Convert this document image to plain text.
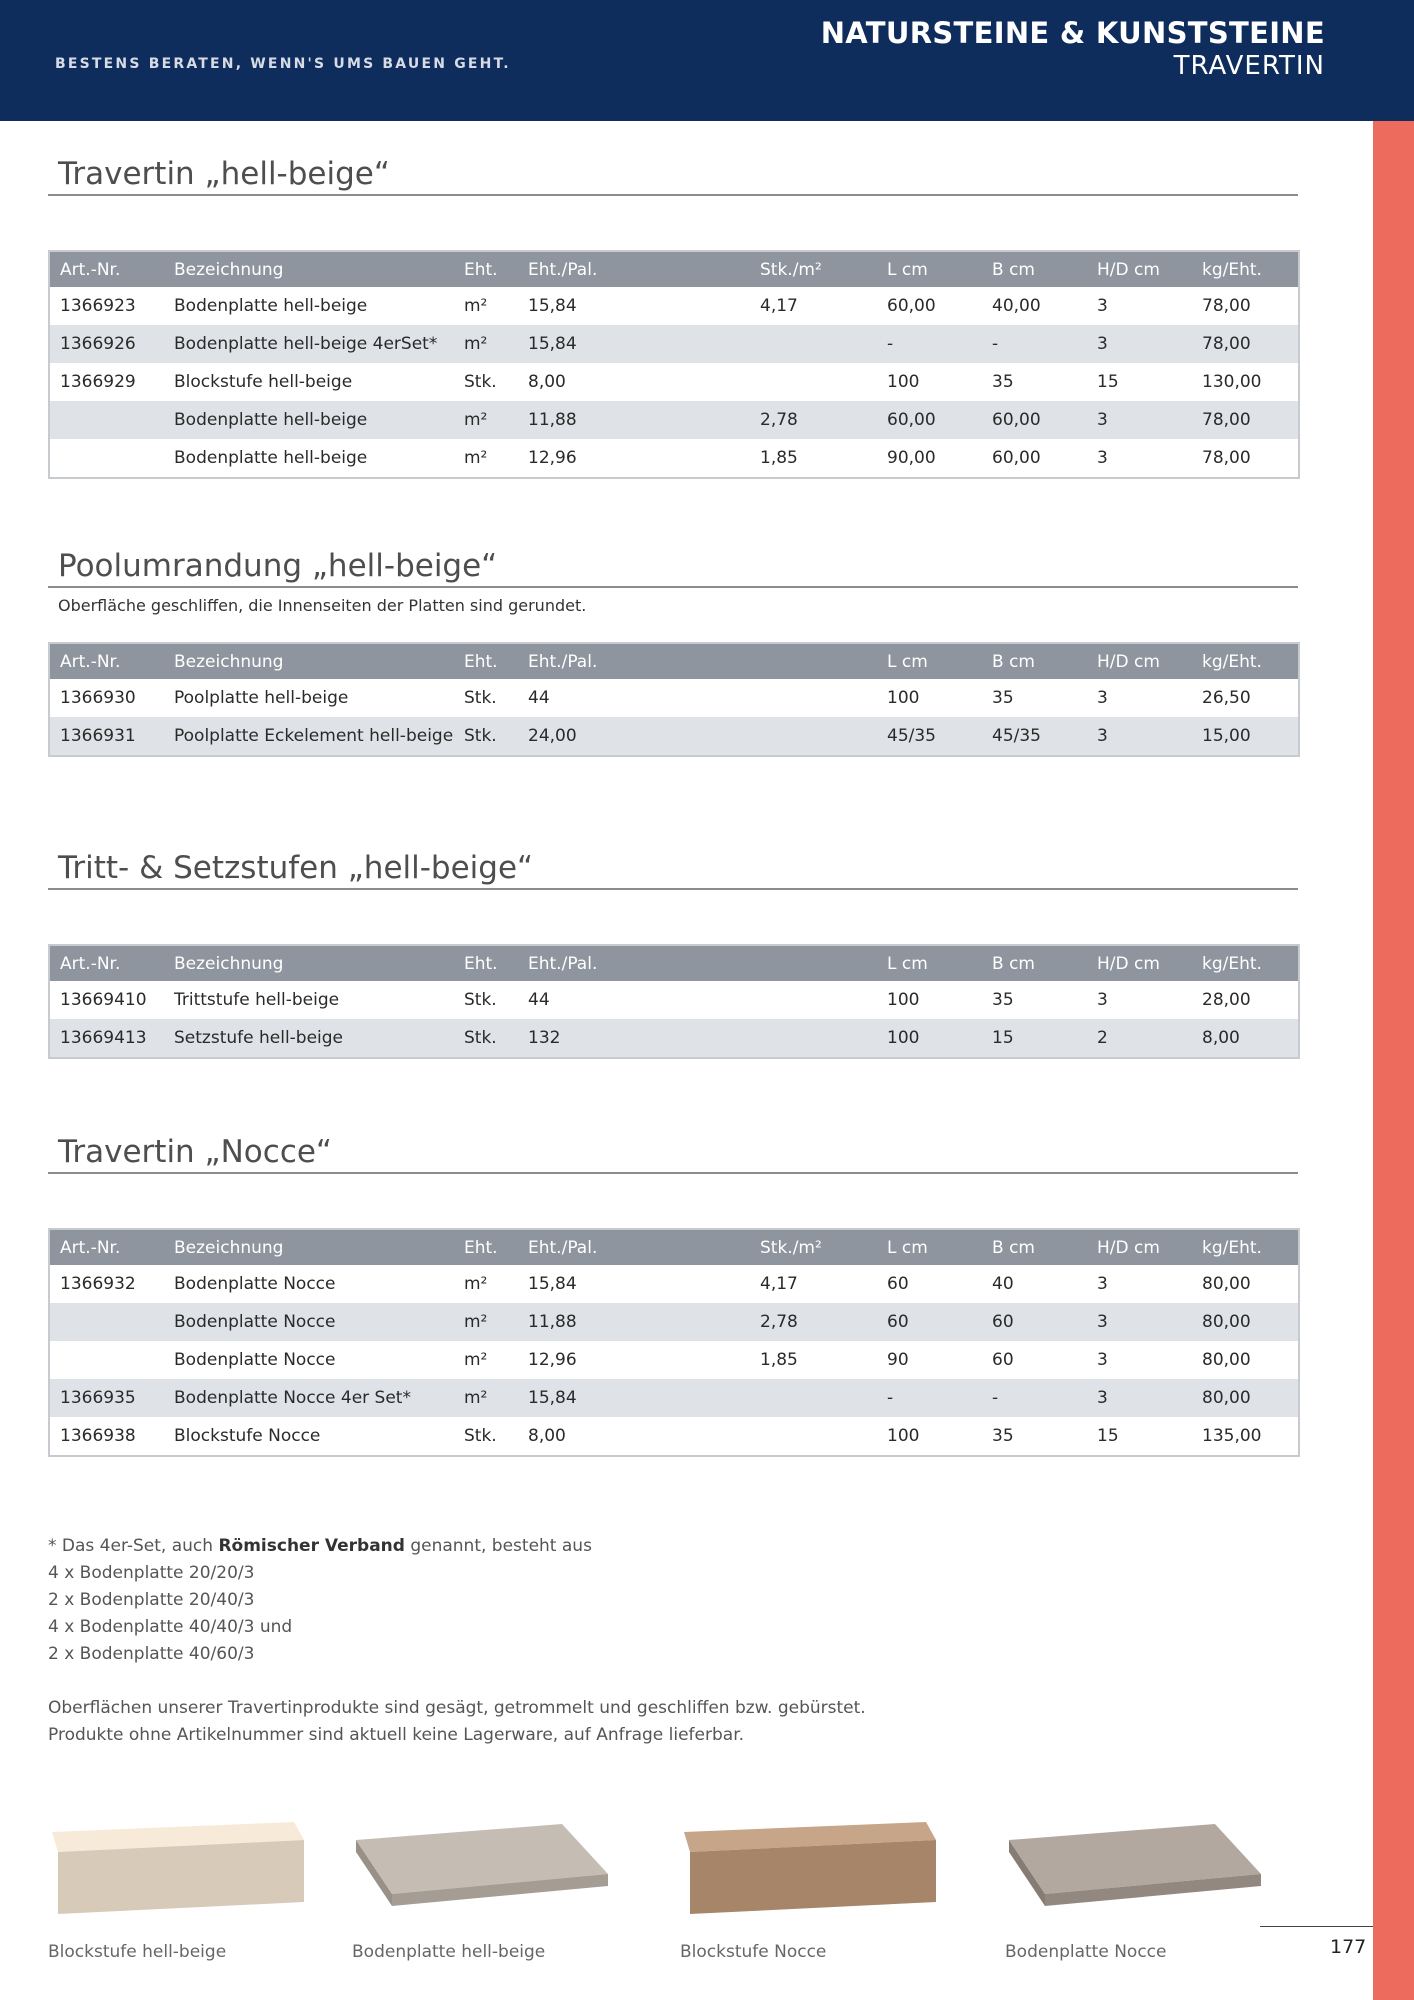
BESTENS BERATEN, WENN'S UMS BAUEN GEHT.
NATURSTEINE & KUNSTSTEINE
TRAVERTIN
Travertin „hell-beige“
Art.-Nr.	Bezeichnung	Eht.	Eht./Pal.	Stk./m²	L cm	B cm	H/D cm	kg/Eht.
1366923	Bodenplatte hell-beige	m²	15,84	4,17	60,00	40,00	3	78,00
1366926	Bodenplatte hell-beige 4erSet*	m²	15,84		-	-	3	78,00
1366929	Blockstufe hell-beige	Stk.	8,00		100	35	15	130,00
	Bodenplatte hell-beige	m²	11,88	2,78	60,00	60,00	3	78,00
	Bodenplatte hell-beige	m²	12,96	1,85	90,00	60,00	3	78,00
Poolumrandung „hell-beige“
Oberfläche geschliffen, die Innenseiten der Platten sind gerundet.
Art.-Nr.	Bezeichnung	Eht.	Eht./Pal.		L cm	B cm	H/D cm	kg/Eht.
1366930	Poolplatte hell-beige	Stk.	44		100	35	3	26,50
1366931	Poolplatte Eckelement hell-beige	Stk.	24,00		45/35	45/35	3	15,00
Tritt- & Setzstufen „hell-beige“
Art.-Nr.	Bezeichnung	Eht.	Eht./Pal.		L cm	B cm	H/D cm	kg/Eht.
13669410	Trittstufe hell-beige	Stk.	44		100	35	3	28,00
13669413	Setzstufe hell-beige	Stk.	132		100	15	2	8,00
Travertin „Nocce“
Art.-Nr.	Bezeichnung	Eht.	Eht./Pal.	Stk./m²	L cm	B cm	H/D cm	kg/Eht.
1366932	Bodenplatte Nocce	m²	15,84	4,17	60	40	3	80,00
	Bodenplatte Nocce	m²	11,88	2,78	60	60	3	80,00
	Bodenplatte Nocce	m²	12,96	1,85	90	60	3	80,00
1366935	Bodenplatte Nocce 4er Set*	m²	15,84		-	-	3	80,00
1366938	Blockstufe Nocce	Stk.	8,00		100	35	15	135,00
* Das 4er-Set, auch Römischer Verband genannt, besteht aus
4 x Bodenplatte 20/20/3
2 x Bodenplatte 20/40/3
4 x Bodenplatte 40/40/3 und
2 x Bodenplatte 40/60/3
Oberflächen unserer Travertinprodukte sind gesägt, getrommelt und geschliffen bzw. gebürstet.
Produkte ohne Artikelnummer sind aktuell keine Lagerware, auf Anfrage lieferbar.
Blockstufe hell-beige	Bodenplatte hell-beige	Blockstufe Nocce	Bodenplatte Nocce	177
